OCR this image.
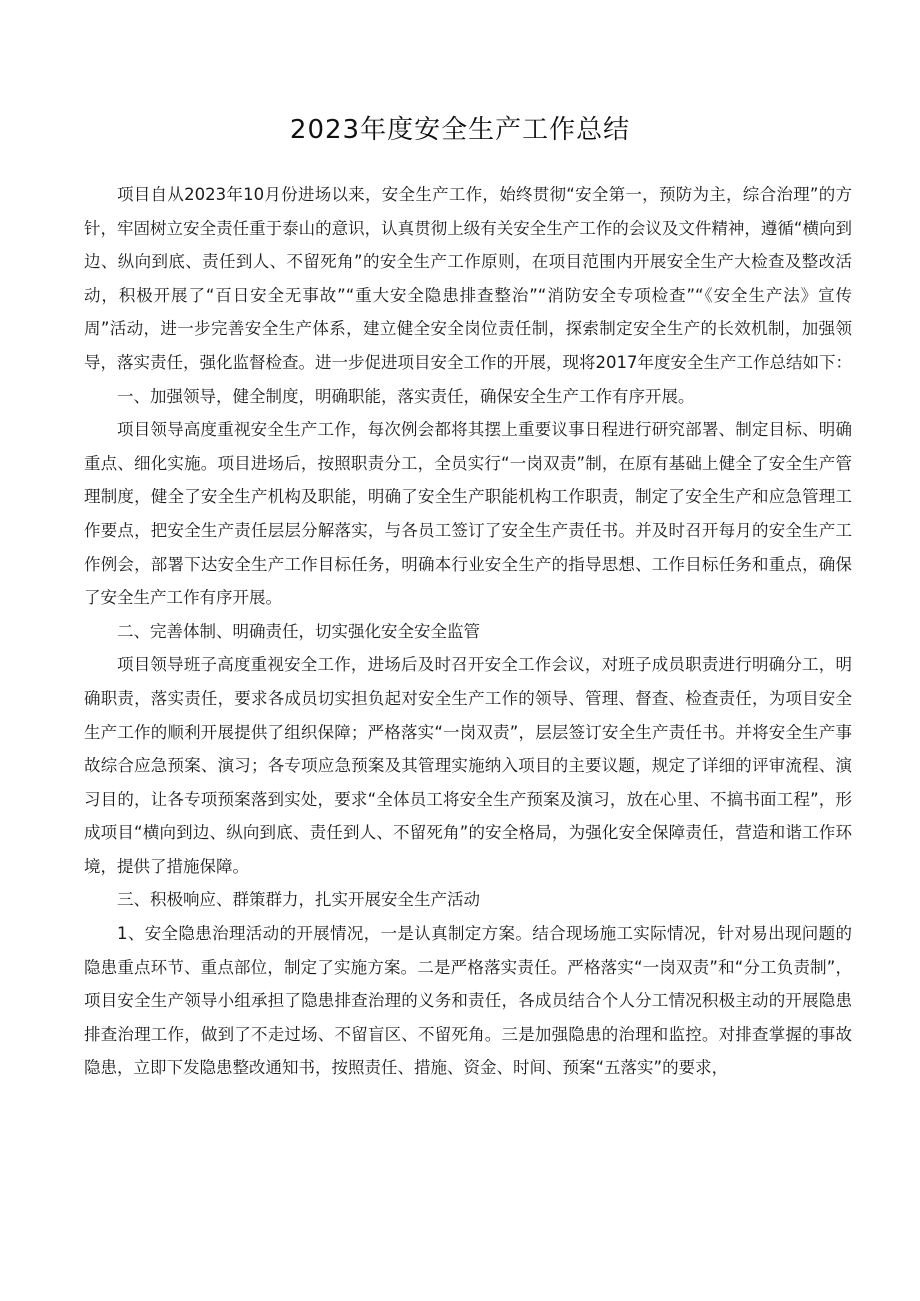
2023年度安全生产工作总结

项目自从2023年10月份进场以来，安全生产工作，始终贯彻“安全第一，预防为主，综合治理”的方针，牢固树立安全责任重于泰山的意识，认真贯彻上级有关安全生产工作的会议及文件精神，遵循“横向到边、纵向到底、责任到人、不留死角”的安全生产工作原则，在项目范围内开展安全生产大检查及整改活动，积极开展了“百日安全无事故”“重大安全隐患排查整治”“消防安全专项检查”“《安全生产法》宣传周”活动，进一步完善安全生产体系，建立健全安全岗位责任制，探索制定安全生产的长效机制，加强领导，落实责任，强化监督检查。进一步促进项目安全工作的开展，现将2017年度安全生产工作总结如下：

一、加强领导，健全制度，明确职能，落实责任，确保安全生产工作有序开展。

项目领导高度重视安全生产工作，每次例会都将其摆上重要议事日程进行研究部署、制定目标、明确重点、细化实施。项目进场后，按照职责分工，全员实行“一岗双责”制，在原有基础上健全了安全生产管理制度，健全了安全生产机构及职能，明确了安全生产职能机构工作职责，制定了安全生产和应急管理工作要点，把安全生产责任层层分解落实，与各员工签订了安全生产责任书。并及时召开每月的安全生产工作例会，部署下达安全生产工作目标任务，明确本行业安全生产的指导思想、工作目标任务和重点，确保了安全生产工作有序开展。

二、完善体制、明确责任，切实强化安全安全监管

项目领导班子高度重视安全工作，进场后及时召开安全工作会议，对班子成员职责进行明确分工，明确职责，落实责任，要求各成员切实担负起对安全生产工作的领导、管理、督查、检查责任，为项目安全生产工作的顺利开展提供了组织保障；严格落实“一岗双责”，层层签订安全生产责任书。并将安全生产事故综合应急预案、演习；各专项应急预案及其管理实施纳入项目的主要议题，规定了详细的评审流程、演习目的，让各专项预案落到实处，要求“全体员工将安全生产预案及演习，放在心里、不搞书面工程”，形成项目“横向到边、纵向到底、责任到人、不留死角”的安全格局，为强化安全保障责任，营造和谐工作环境，提供了措施保障。

三、积极响应、群策群力，扎实开展安全生产活动

1、安全隐患治理活动的开展情况，一是认真制定方案。结合现场施工实际情况，针对易出现问题的隐患重点环节、重点部位，制定了实施方案。二是严格落实责任。严格落实“一岗双责”和“分工负责制”，项目安全生产领导小组承担了隐患排查治理的义务和责任，各成员结合个人分工情况积极主动的开展隐患排查治理工作，做到了不走过场、不留盲区、不留死角。三是加强隐患的治理和监控。对排查掌握的事故隐患，立即下发隐患整改通知书，按照责任、措施、资金、时间、预案“五落实”的要求，
